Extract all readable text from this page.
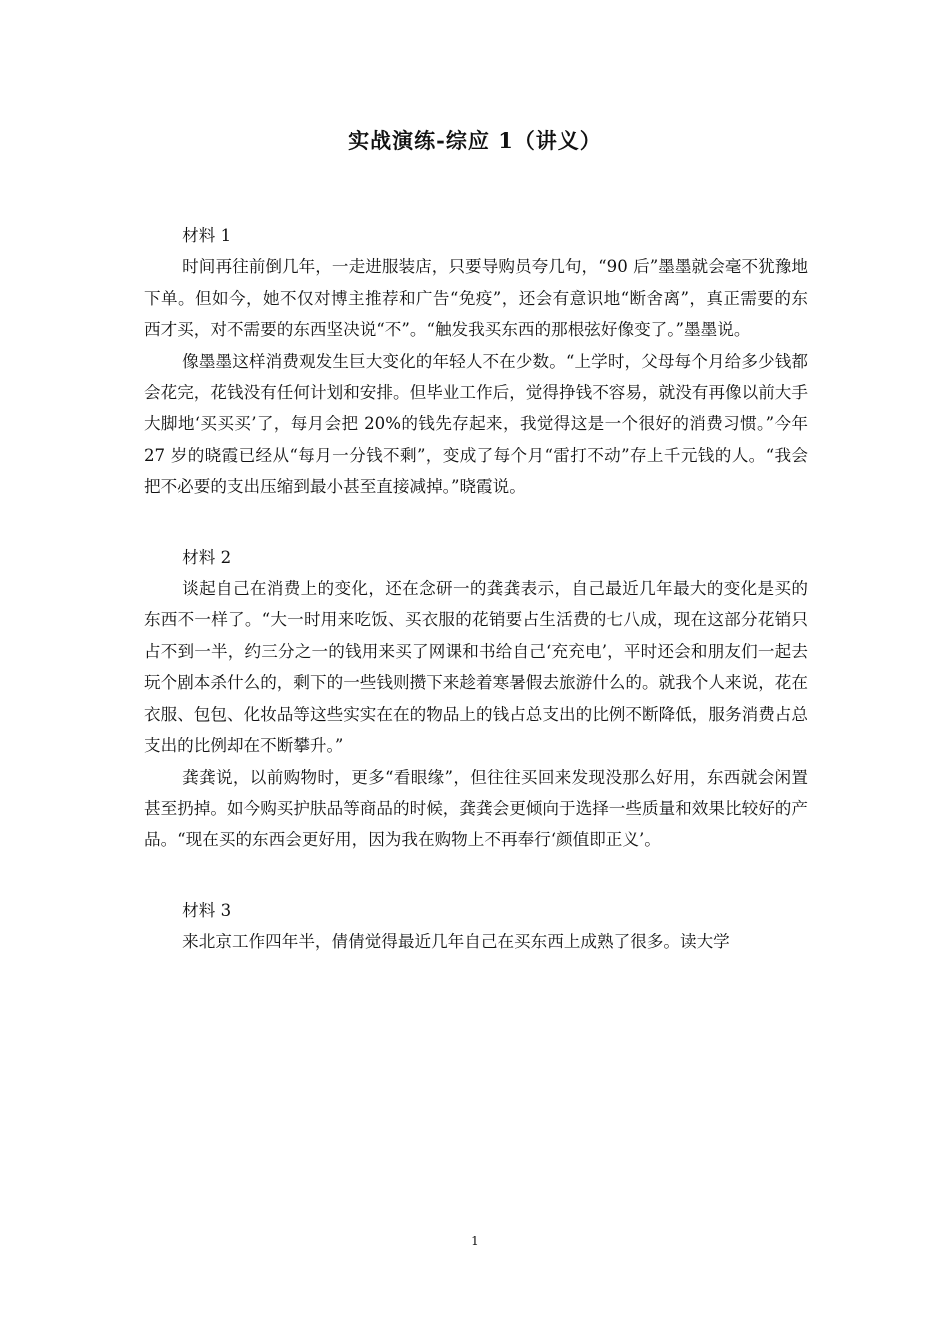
实战演练-综应 1（讲义）

材料 1

时间再往前倒几年，一走进服装店，只要导购员夸几句，“90 后”墨墨就会毫不犹豫地下单。但如今，她不仅对博主推荐和广告“免疫”，还会有意识地“断舍离”，真正需要的东西才买，对不需要的东西坚决说“不”。“触发我买东西的那根弦好像变了。”墨墨说。

像墨墨这样消费观发生巨大变化的年轻人不在少数。“上学时，父母每个月给多少钱都会花完，花钱没有任何计划和安排。但毕业工作后，觉得挣钱不容易，就没有再像以前大手大脚地‘买买买’了，每月会把 20%的钱先存起来，我觉得这是一个很好的消费习惯。”今年 27 岁的晓霞已经从“每月一分钱不剩”，变成了每个月“雷打不动”存上千元钱的人。“我会把不必要的支出压缩到最小甚至直接减掉。”晓霞说。

材料 2

谈起自己在消费上的变化，还在念研一的龚龚表示，自己最近几年最大的变化是买的东西不一样了。“大一时用来吃饭、买衣服的花销要占生活费的七八成，现在这部分花销只占不到一半，约三分之一的钱用来买了网课和书给自己‘充充电’，平时还会和朋友们一起去玩个剧本杀什么的，剩下的一些钱则攒下来趁着寒暑假去旅游什么的。就我个人来说，花在衣服、包包、化妆品等这些实实在在的物品上的钱占总支出的比例不断降低，服务消费占总支出的比例却在不断攀升。”

龚龚说，以前购物时，更多“看眼缘”，但往往买回来发现没那么好用，东西就会闲置甚至扔掉。如今购买护肤品等商品的时候，龚龚会更倾向于选择一些质量和效果比较好的产品。“现在买的东西会更好用，因为我在购物上不再奉行‘颜值即正义’。

材料 3

来北京工作四年半，倩倩觉得最近几年自己在买东西上成熟了很多。读大学

1
